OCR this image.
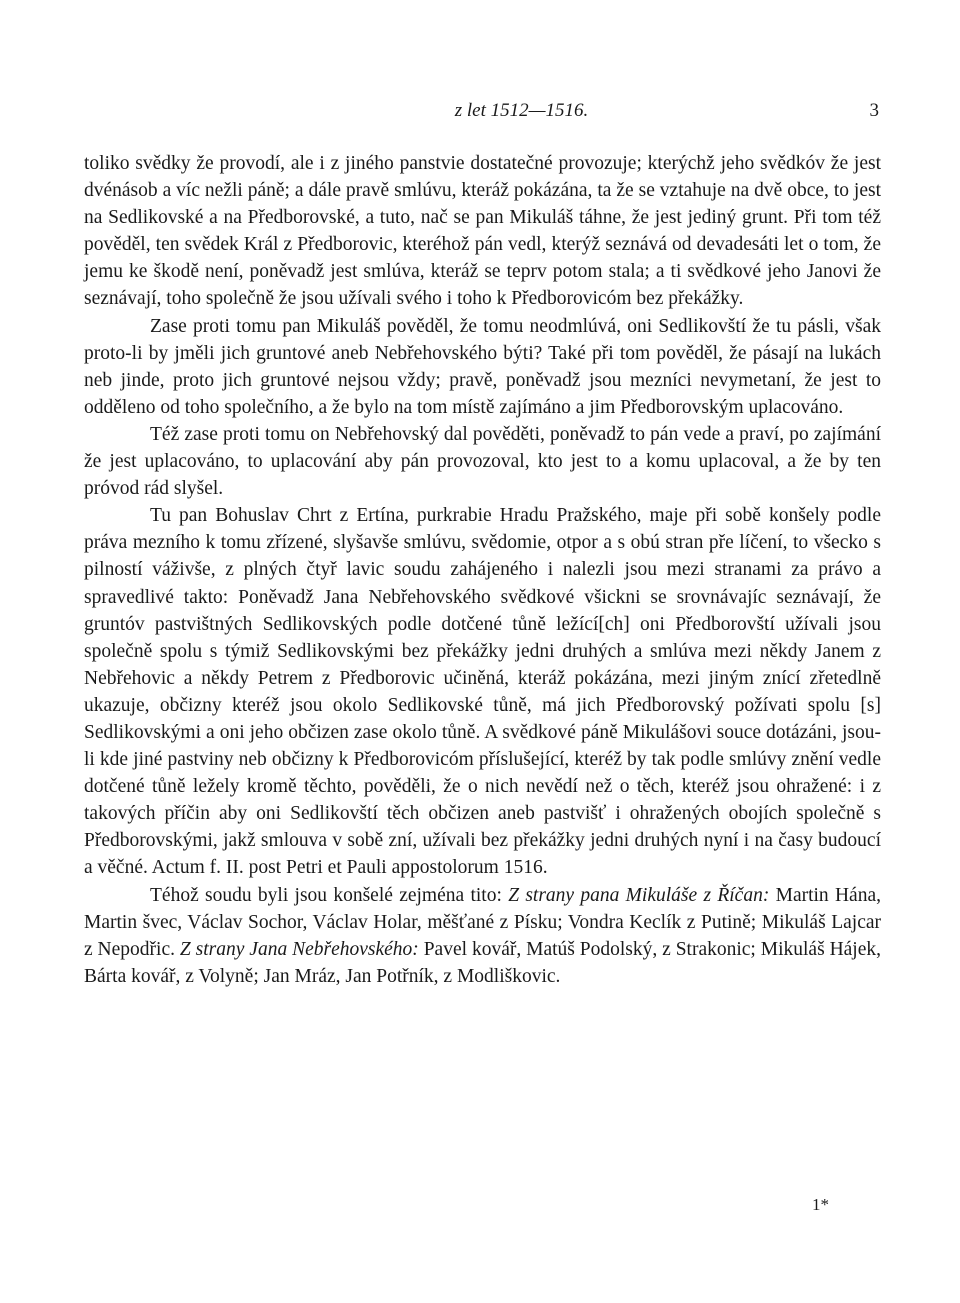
z let 1512—1516.	3

toliko svědky že provodí, ale i z jiného panstvie dostatečné provozuje; kterýchž jeho svědkóv že jest dvénásob a víc nežli páně; a dále pravě smlúvu, kteráž pokázána, ta že se vztahuje na dvě obce, to jest na Sedlikovské a na Předborovské, a tuto, nač se pan Mikuláš táhne, že jest jediný grunt. Při tom též pověděl, ten svědek Král z Předborovic, kteréhož pán vedl, kterýž seznává od devadesáti let o tom, že jemu ke škodě není, poněvadž jest smlúva, kteráž se teprv potom stala; a ti svědkové jeho Janovi že seznávají, toho společně že jsou užívali svého i toho k Předborovicóm bez překážky.

Zase proti tomu pan Mikuláš pověděl, že tomu neodmlúvá, oni Sedlikovští že tu pásli, však proto-li by jměli jich gruntové aneb Nebřehovského býti? Také při tom pověděl, že pásají na lukách neb jinde, proto jich gruntové nejsou vždy; pravě, poněvadž jsou mezníci nevymetaní, že jest to odděleno od toho společního, a že bylo na tom místě zajímáno a jim Předborovským uplacováno.

Též zase proti tomu on Nebřehovský dal pověděti, poněvadž to pán vede a praví, po zajímání že jest uplacováno, to uplacování aby pán provozoval, kto jest to a komu uplacoval, a že by ten próvod rád slyšel.

Tu pan Bohuslav Chrt z Ertína, purkrabie Hradu Pražského, maje při sobě konšely podle práva mezního k tomu zřízené, slyšavše smlúvu, svědomie, otpor a s obú stran pře líčení, to všecko s pilností váživše, z plných čtyř lavic soudu zahájeného i nalezli jsou mezi stranami za právo a spravedlivé takto: Poněvadž Jana Nebřehovského svědkové všickni se srovnávajíc seznávají, že gruntóv pastvištných Sedlikovských podle dotčené tůně ležící[ch] oni Předborovští užívali jsou společně spolu s týmiž Sedlikovskými bez překážky jedni druhých a smlúva mezi někdy Janem z Nebřehovic a někdy Petrem z Předborovic učiněná, kteráž pokázána, mezi jiným znící zřetedlně ukazuje, občizny kteréž jsou okolo Sedlikovské tůně, má jich Předborovský požívati spolu [s] Sedlikovskými a oni jeho občizen zase okolo tůně. A svědkové páně Mikulášovi souce dotázáni, jsou-li kde jiné pastviny neb občizny k Předborovicóm příslušející, kteréž by tak podle smlúvy znění vedle dotčené tůně ležely kromě těchto, pověděli, že o nich nevědí než o těch, kteréž jsou ohražené: i z takových příčin aby oni Sedlikovští těch občizen aneb pastvišť i ohražených obojích společně s Předborovskými, jakž smlouva v sobě zní, užívali bez překážky jedni druhých nyní i na časy budoucí a věčné. Actum f. II. post Petri et Pauli appostolorum 1516.

Téhož soudu byli jsou konšelé zejména tito: Z strany pana Mikuláše z Říčan: Martin Hána, Martin švec, Václav Sochor, Václav Holar, měšťané z Písku; Vondra Keclík z Putině; Mikuláš Lajcar z Nepodřic. Z strany Jana Nebřehovského: Pavel kovář, Matúš Podolský, z Strakonic; Mikuláš Hájek, Bárta kovář, z Volyně; Jan Mráz, Jan Potřník, z Modliškovic.

1*
